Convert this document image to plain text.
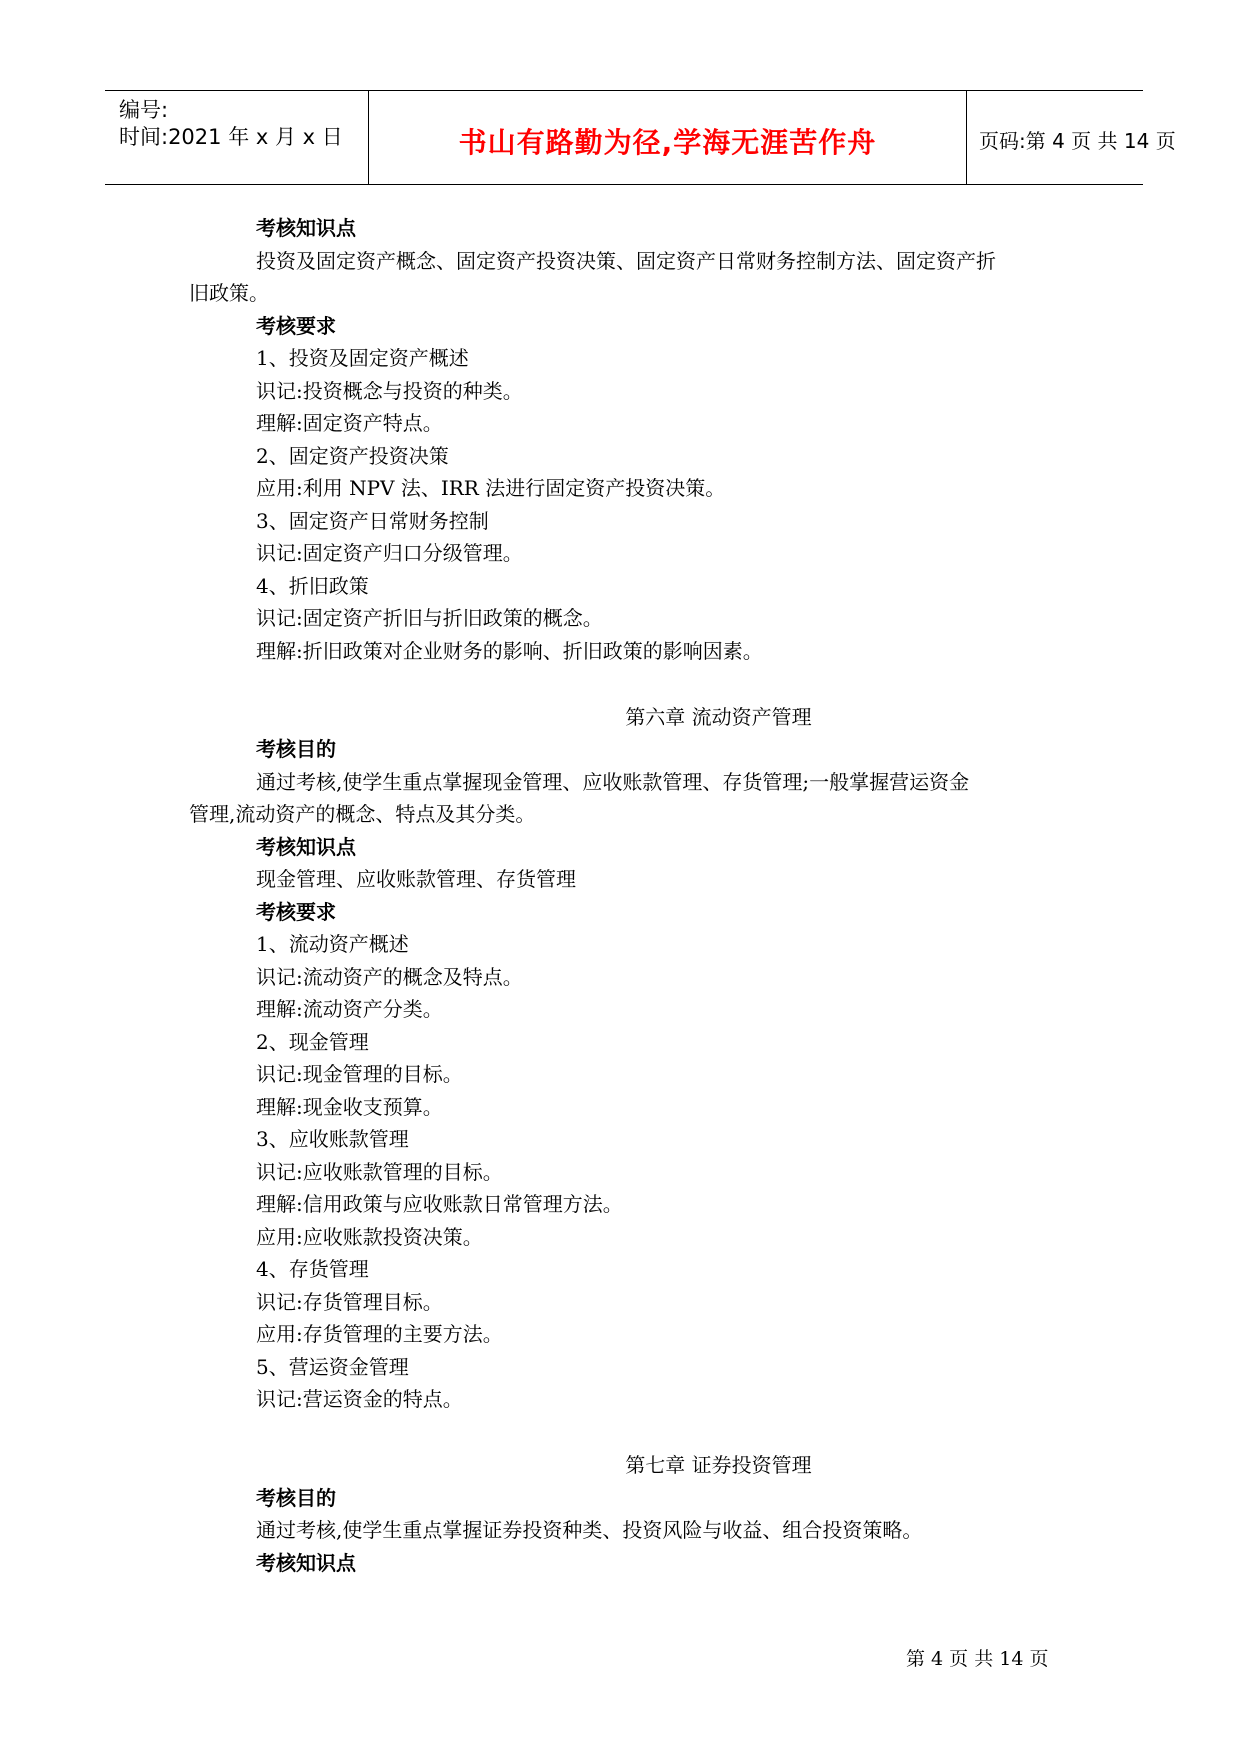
编号:
时间:2021 年 x 月 x 日	书山有路勤为径,学海无涯苦作舟	页码:第 4 页 共 14 页
考核知识点
投资及固定资产概念、固定资产投资决策、固定资产日常财务控制方法、固定资产折
旧政策。
考核要求
1、投资及固定资产概述
识记:投资概念与投资的种类。
理解:固定资产特点。
2、固定资产投资决策
应用:利用 NPV 法、IRR 法进行固定资产投资决策。
3、固定资产日常财务控制
识记:固定资产归口分级管理。
4、折旧政策
识记:固定资产折旧与折旧政策的概念。
理解:折旧政策对企业财务的影响、折旧政策的影响因素。
第六章 流动资产管理
考核目的
通过考核,使学生重点掌握现金管理、应收账款管理、存货管理;一般掌握营运资金
管理,流动资产的概念、特点及其分类。
考核知识点
现金管理、应收账款管理、存货管理
考核要求
1、流动资产概述
识记:流动资产的概念及特点。
理解:流动资产分类。
2、现金管理
识记:现金管理的目标。
理解:现金收支预算。
3、应收账款管理
识记:应收账款管理的目标。
理解:信用政策与应收账款日常管理方法。
应用:应收账款投资决策。
4、存货管理
识记:存货管理目标。
应用:存货管理的主要方法。
5、营运资金管理
识记:营运资金的特点。
第七章 证券投资管理
考核目的
通过考核,使学生重点掌握证券投资种类、投资风险与收益、组合投资策略。
考核知识点
第 4 页 共 14 页
